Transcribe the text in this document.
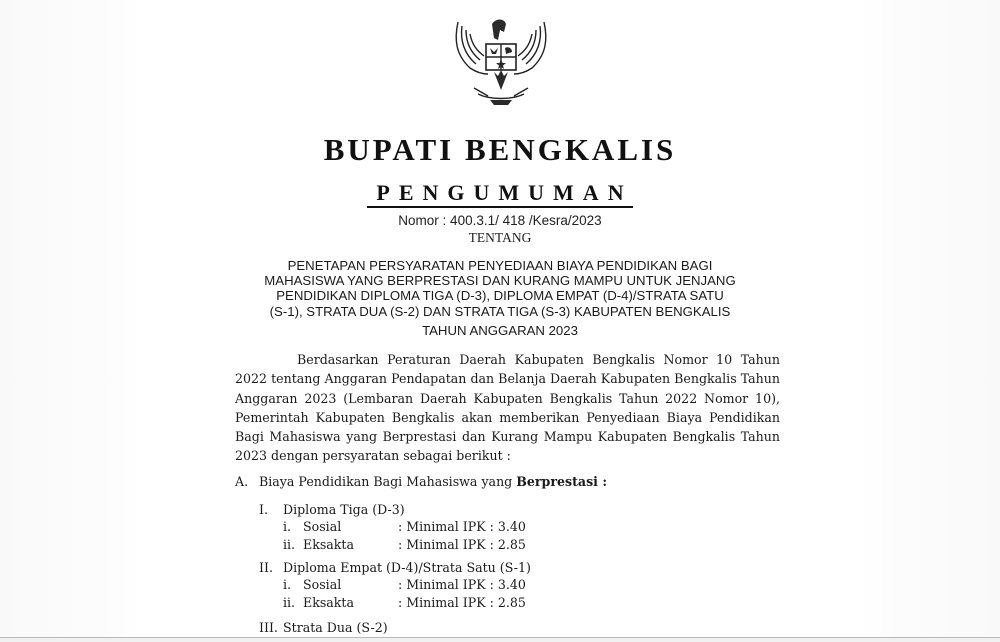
BUPATI BENGKALIS
PENGUMUMAN
Nomor : 400.3.1/ 418 /Kesra/2023
TENTANG
PENETAPAN PERSYARATAN PENYEDIAAN BIAYA PENDIDIKAN BAGI
MAHASISWA YANG BERPRESTASI DAN KURANG MAMPU UNTUK JENJANG
PENDIDIKAN DIPLOMA TIGA (D-3), DIPLOMA EMPAT (D-4)/STRATA SATU
(S-1), STRATA DUA (S-2) DAN STRATA TIGA (S-3) KABUPATEN BENGKALIS
TAHUN ANGGARAN 2023
Berdasarkan Peraturan Daerah Kabupaten Bengkalis Nomor 10 Tahun 2022 tentang Anggaran Pendapatan dan Belanja Daerah Kabupaten Bengkalis Tahun Anggaran 2023 (Lembaran Daerah Kabupaten Bengkalis Tahun 2022 Nomor 10), Pemerintah Kabupaten Bengkalis akan memberikan Penyediaan Biaya Pendidikan Bagi Mahasiswa yang Berprestasi dan Kurang Mampu Kabupaten Bengkalis Tahun 2023 dengan persyaratan sebagai berikut :
A. Biaya Pendidikan Bagi Mahasiswa yang Berprestasi :
I. Diploma Tiga (D-3)
i. Sosial	: Minimal IPK : 3.40
ii. Eksakta	: Minimal IPK : 2.85
II. Diploma Empat (D-4)/Strata Satu (S-1)
i. Sosial	: Minimal IPK : 3.40
ii. Eksakta	: Minimal IPK : 2.85
III. Strata Dua (S-2)
